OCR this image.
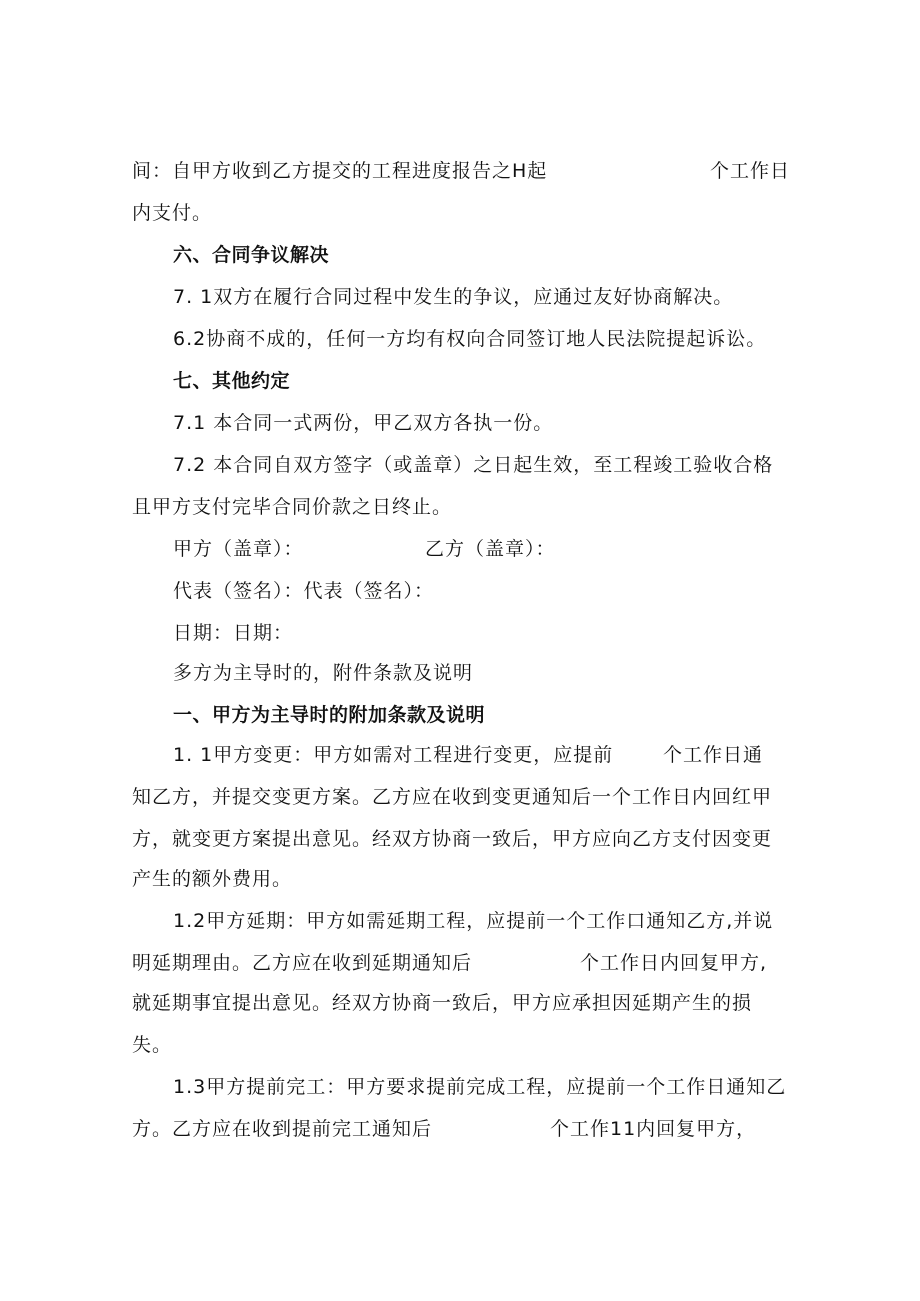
间：自甲方收到乙方提交的工程进度报告之H起	个工作日
内支付。
六、合同争议解决
7. 1双方在履行合同过程中发生的争议，应通过友好协商解决。
6.2协商不成的，任何一方均有权向合同签订地人民法院提起诉讼。
七、其他约定
7.1 本合同一式两份，甲乙双方各执一份。
7.2 本合同自双方签字（或盖章）之日起生效，至工程竣工验收合格
且甲方支付完毕合同价款之日终止。
甲方（盖章）：	乙方（盖章）：
代表（签名）：代表（签名）：
日期：日期：
多方为主导时的，附件条款及说明
一、甲方为主导时的附加条款及说明
1. 1甲方变更：甲方如需对工程进行变更，应提前	个工作日通
知乙方，并提交变更方案。乙方应在收到变更通知后一个工作日内回红甲
方，就变更方案提出意见。经双方协商一致后，甲方应向乙方支付因变更
产生的额外费用。
1.2甲方延期：甲方如需延期工程，应提前一个工作口通知乙方,并说
明延期理由。乙方应在收到延期通知后	个工作日内回复甲方,
就延期事宜提出意见。经双方协商一致后，甲方应承担因延期产生的损
失。
1.3甲方提前完工：甲方要求提前完成工程，应提前一个工作日通知乙
方。乙方应在收到提前完工通知后	个工作11内回复甲方，
